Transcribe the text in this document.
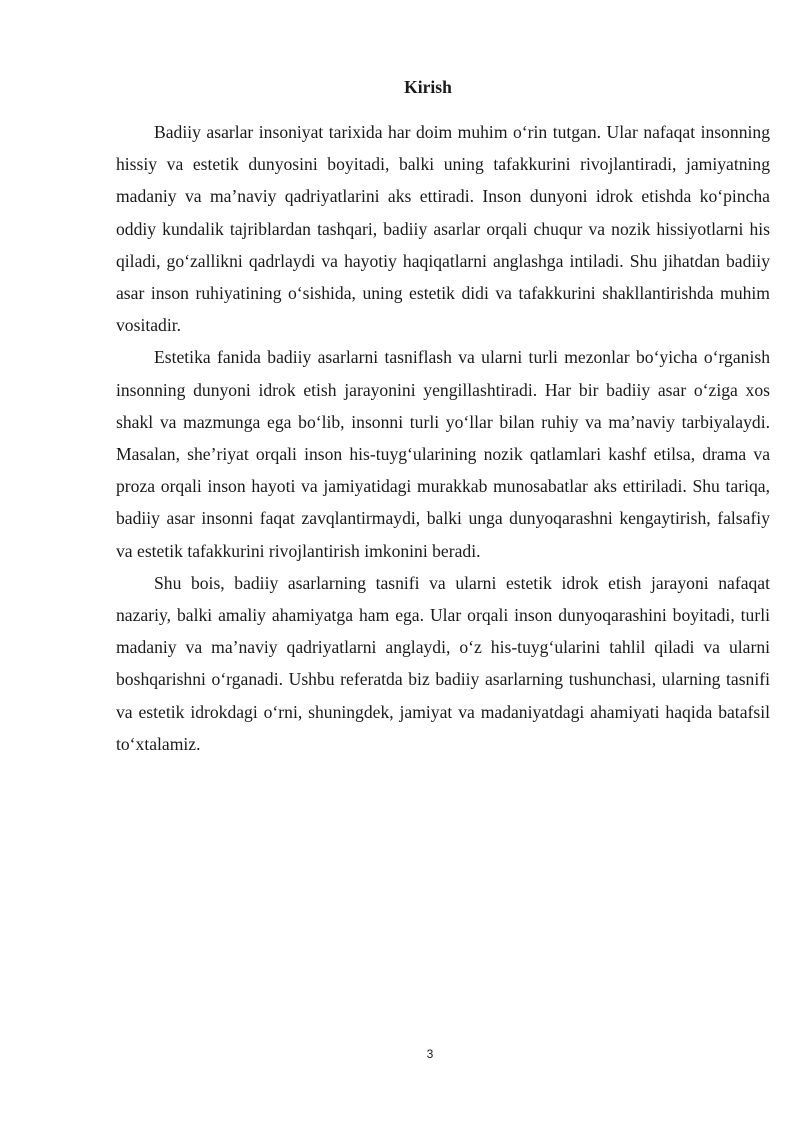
Kirish

Badiiy asarlar insoniyat tarixida har doim muhim oʻrin tutgan. Ular nafaqat insonning hissiy va estetik dunyosini boyitadi, balki uning tafakkurini rivojlantiradi, jamiyatning madaniy va maʼnaviy qadriyatlarini aks ettiradi. Inson dunyoni idrok etishda koʻpincha oddiy kundalik tajriblardan tashqari, badiiy asarlar orqali chuqur va nozik hissiyotlarni his qiladi, goʻzallikni qadrlaydi va hayotiy haqiqatlarni anglashga intiladi. Shu jihatdan badiiy asar inson ruhiyatining oʻsishida, uning estetik didi va tafakkurini shakllantirishda muhim vositadir.

Estetika fanida badiiy asarlarni tasniflash va ularni turli mezonlar boʻyicha oʻrganish insonning dunyoni idrok etish jarayonini yengillashtiradi. Har bir badiiy asar oʻziga xos shakl va mazmunga ega boʻlib, insonni turli yoʻllar bilan ruhiy va maʼnaviy tarbiyalaydi. Masalan, sheʼriyat orqali inson his-tuygʻularining nozik qatlamlari kashf etilsa, drama va proza orqali inson hayoti va jamiyatidagi murakkab munosabatlar aks ettiriladi. Shu tariqa, badiiy asar insonni faqat zavqlantirmaydi, balki unga dunyoqarashni kengaytirish, falsafiy va estetik tafakkurini rivojlantirish imkonini beradi.

Shu bois, badiiy asarlarning tasnifi va ularni estetik idrok etish jarayoni nafaqat nazariy, balki amaliy ahamiyatga ham ega. Ular orqali inson dunyoqarashini boyitadi, turli madaniy va maʼnaviy qadriyatlarni anglaydi, oʻz his-tuygʻularini tahlil qiladi va ularni boshqarishni oʻrganadi. Ushbu referatda biz badiiy asarlarning tushunchasi, ularning tasnifi va estetik idrokdagi oʻrni, shuningdek, jamiyat va madaniyatdagi ahamiyati haqida batafsil toʻxtalamiz.

3
